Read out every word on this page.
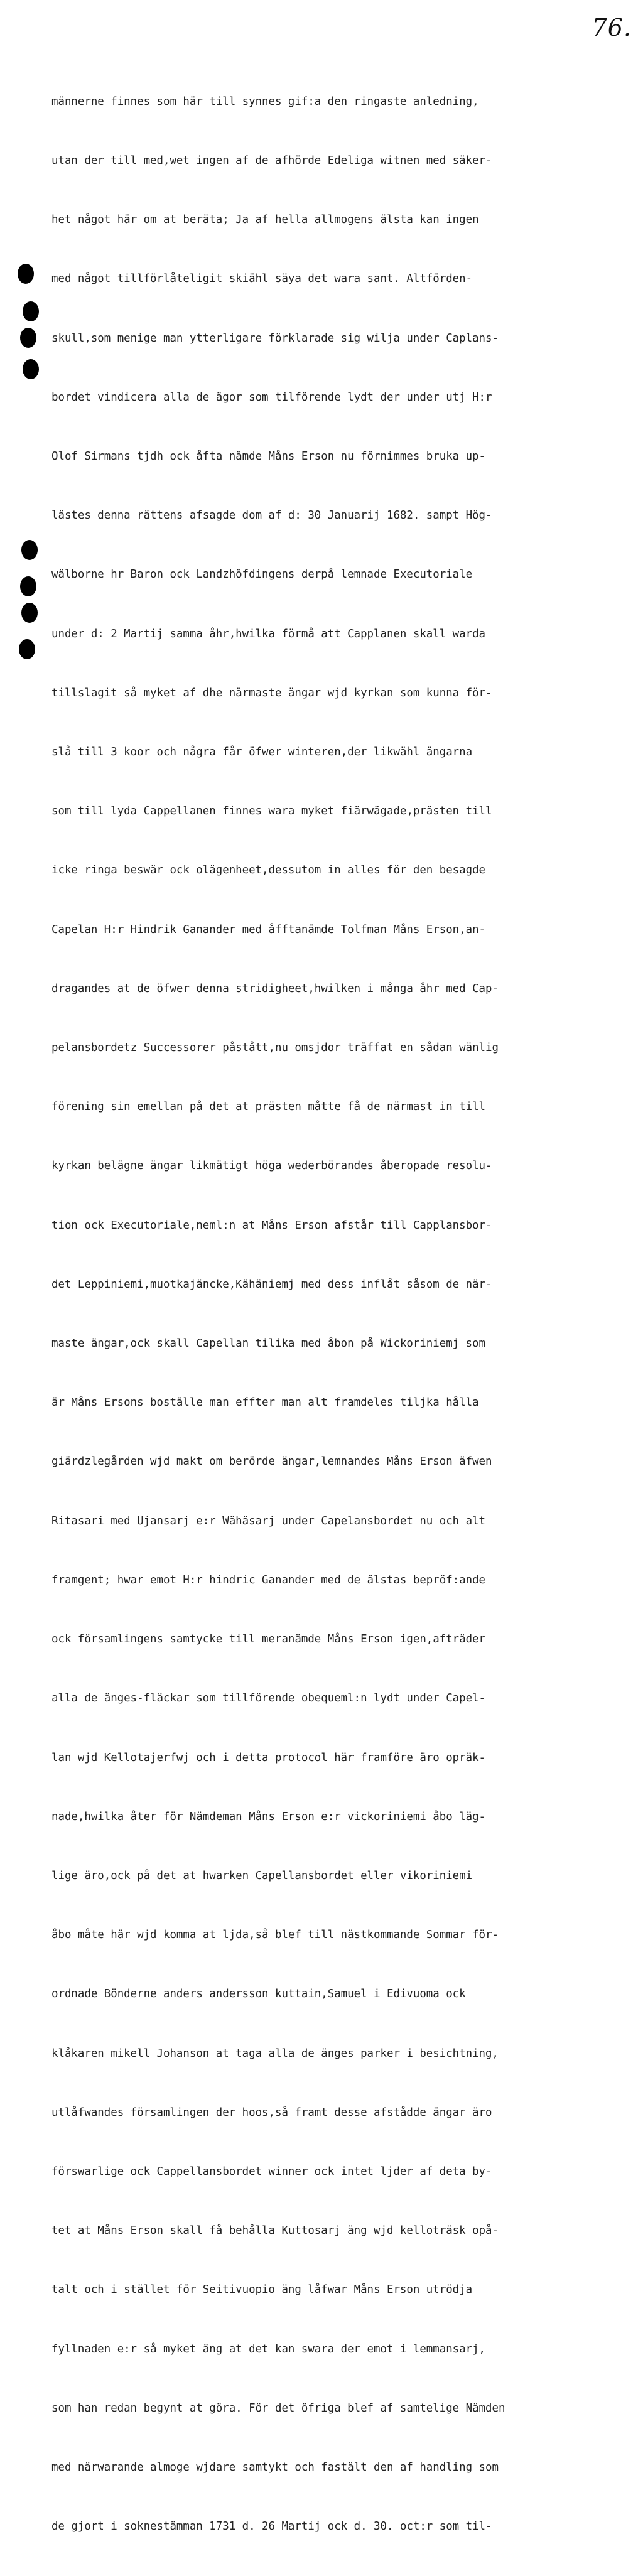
76.

männerne finnes som här till synnes gif:a den ringaste anledning,

utan der till med,wet ingen af de afhörde Edeliga witnen med säker-

het något här om at beräta; Ja af hella allmogens älsta kan ingen

med något tillförlåteligit skiähl säya det wara sant. Altförden-

skull,som menige man ytterligare förklarade sig wilja under Caplans-

bordet vindicera alla de ägor som tilförende lydt der under utj H:r

Olof Sirmans tjdh ock åfta nämde Måns Erson nu förnimmes bruka up-

lästes denna rättens afsagde dom af d: 30 Januarij 1682. sampt Hög-

wälborne hr Baron ock Landzhöfdingens derpå lemnade Executoriale

under d: 2 Martij samma åhr,hwilka förmå att Capplanen skall warda

tillslagit så myket af dhe närmaste ängar wjd kyrkan som kunna för-

slå till 3 koor och några får öfwer winteren,der likwähl ängarna

som till lyda Cappellanen finnes wara myket fiärwägade,prästen till

icke ringa beswär ock olägenheet,dessutom in alles för den besagde

Capelan H:r Hindrik Ganander med åfftanämde Tolfman Måns Erson,an-

dragandes at de öfwer denna stridigheet,hwilken i många åhr med Cap-

pelansbordetz Successorer påstått,nu omsjdor träffat en sådan wänlig

förening sin emellan på det at prästen måtte få de närmast in till

kyrkan belägne ängar likmätigt höga wederbörandes åberopade resolu-

tion ock Executoriale,neml:n at Måns Erson afstår till Capplansbor-

det Leppiniemi,muotkajäncke,Kähäniemj med dess inflåt såsom de när-

maste ängar,ock skall Capellan tilika med åbon på Wickoriniemj som

är Måns Ersons boställe man effter man alt framdeles tiljka hålla

giärdzlegården wjd makt om berörde ängar,lemnandes Måns Erson äfwen

Ritasari med Ujansarj e:r Wähäsarj under Capelansbordet nu och alt

framgent; hwar emot H:r hindric Ganander med de älstas bepröf:ande

ock församlingens samtycke till meranämde Måns Erson igen,afträder

alla de änges-fläckar som tillförende obequeml:n lydt under Capel-

lan wjd Kellotajerfwj och i detta protocol här framföre äro opräk-

nade,hwilka åter för Nämdeman Måns Erson e:r vickoriniemi åbo läg-

lige äro,ock på det at hwarken Capellansbordet eller vikoriniemi

åbo måte här wjd komma at ljda,så blef till nästkommande Sommar för-

ordnade Bönderne anders andersson kuttain,Samuel i Edivuoma ock

klåkaren mikell Johanson at taga alla de änges parker i besichtning,

utlåfwandes församlingen der hoos,så framt desse afstådde ängar äro

förswarlige ock Cappellansbordet winner ock intet ljder af deta by-

tet at Måns Erson skall få behålla Kuttosarj äng wjd kelloträsk opå-

talt och i stället för Seitivuopio äng låfwar Måns Erson utrödja

fyllnaden e:r så myket äng at det kan swara der emot i lemmansarj,

som han redan begynt at göra. För det öfriga blef af samtelige Nämden

med närwarande almoge wjdare samtykt och fastält den af handling som

de gjort i soknestämman 1731 d. 26 Martij ock d. 30. oct:r som til-
